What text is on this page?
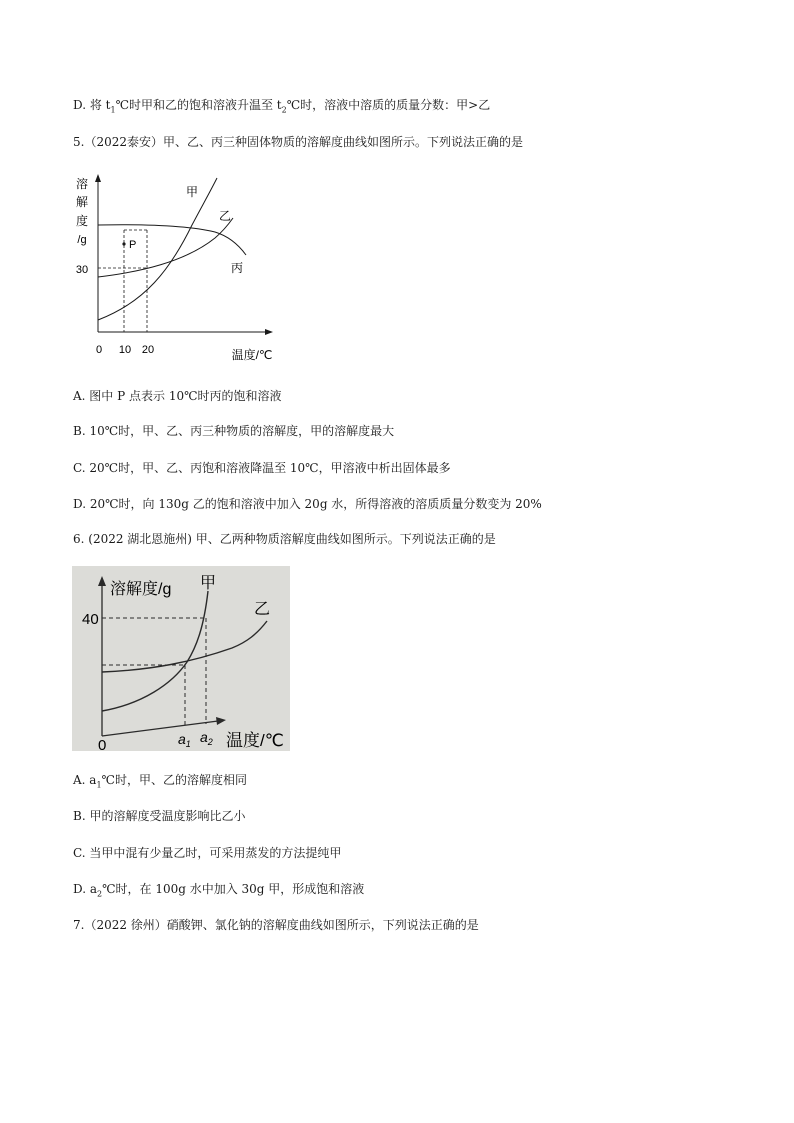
D. 将 $t_1℃$时甲和乙的饱和溶液升温至 $t_2℃$时，溶液中溶质的质量分数：甲>乙
5.（2022泰安）甲、乙、丙三种固体物质的溶解度曲线如图所示。下列说法正确的是
溶
解
度
/g
30
P
甲
乙
丙
0 10 20	温度/℃
A. 图中 P 点表示 10℃时丙的饱和溶液
B. 10℃时，甲、乙、丙三种物质的溶解度，甲的溶解度最大
C. 20℃时，甲、乙、丙饱和溶液降温至 10℃，甲溶液中析出固体最多
D. 20℃时，向 130g 乙的饱和溶液中加入 20g 水，所得溶液的溶质质量分数变为 20%
6. (2022 湖北恩施州) 甲、乙两种物质溶解度曲线如图所示。下列说法正确的是
溶解度/g
40
甲
乙
0	$a_1$ $a_2$ 温度/℃
A. $a_1℃$时，甲、乙的溶解度相同
B. 甲的溶解度受温度影响比乙小
C. 当甲中混有少量乙时，可采用蒸发的方法提纯甲
D. $a_2℃$时，在 100g 水中加入 30g 甲，形成饱和溶液
7.（2022 徐州）硝酸钾、氯化钠的溶解度曲线如图所示，下列说法正确的是
